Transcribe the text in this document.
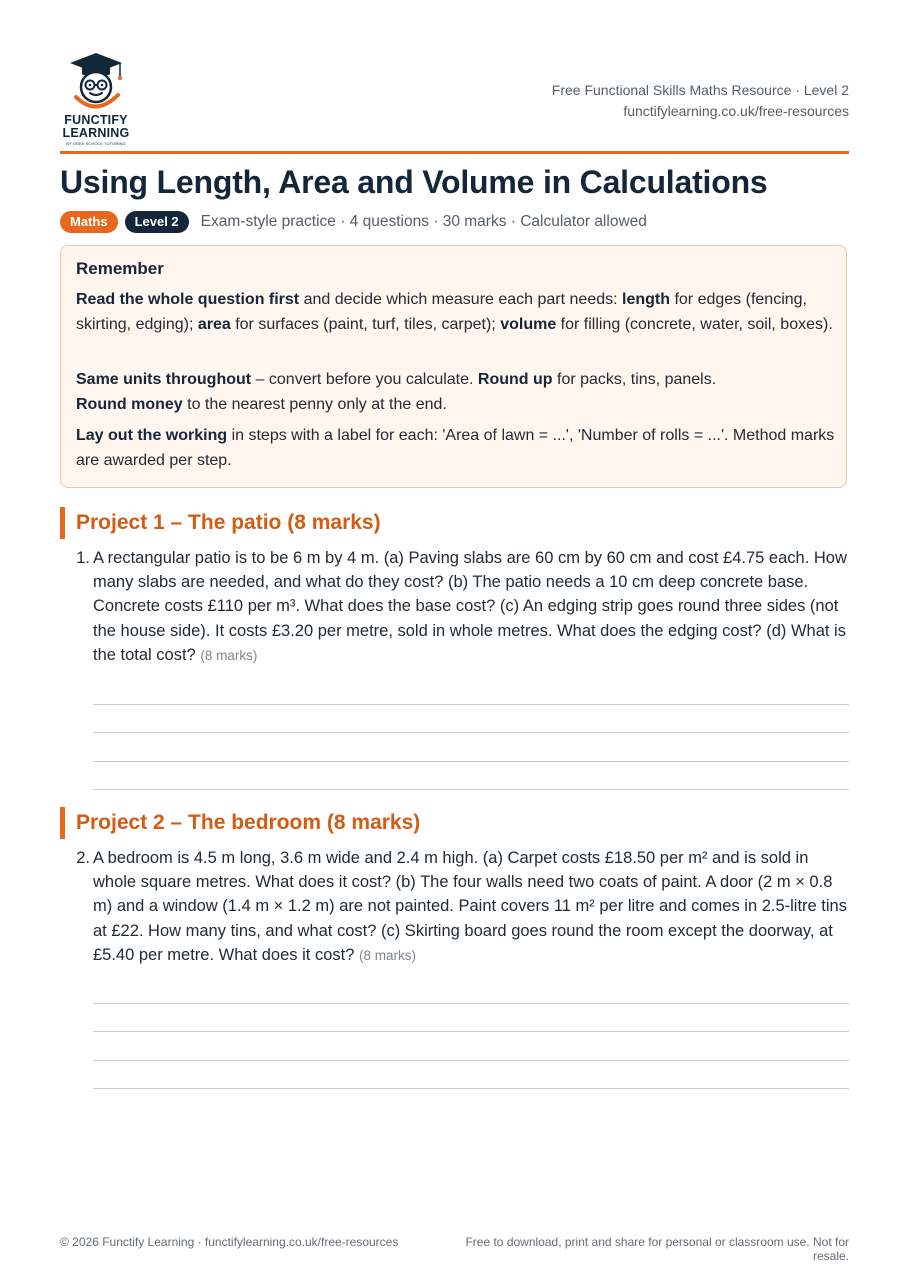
FUNCTIFY
LEARNING
BY GEEK SCHOOL TUTORING
Free Functional Skills Maths Resource · Level 2
functifylearning.co.uk/free-resources
Using Length, Area and Volume in Calculations
Maths	Level 2	Exam-style practice · 4 questions · 30 marks · Calculator allowed
Remember

Read the whole question first and decide which measure each part needs: length for edges (fencing, skirting, edging); area for surfaces (paint, turf, tiles, carpet); volume for filling (concrete, water, soil, boxes).

Same units throughout – convert before you calculate. Round up for packs, tins, panels.
Round money to the nearest penny only at the end.

Lay out the working in steps with a label for each: 'Area of lawn = ...', 'Number of rolls = ...'. Method marks are awarded per step.

Project 1 – The patio (8 marks)
1. A rectangular patio is to be 6 m by 4 m. (a) Paving slabs are 60 cm by 60 cm and cost £4.75 each. How many slabs are needed, and what do they cost? (b) The patio needs a 10 cm deep concrete base. Concrete costs £110 per m³. What does the base cost? (c) An edging strip goes round three sides (not the house side). It costs £3.20 per metre, sold in whole metres. What does the edging cost? (d) What is the total cost? (8 marks)
Project 2 – The bedroom (8 marks)
2. A bedroom is 4.5 m long, 3.6 m wide and 2.4 m high. (a) Carpet costs £18.50 per m² and is sold in whole square metres. What does it cost? (b) The four walls need two coats of paint. A door (2 m × 0.8 m) and a window (1.4 m × 1.2 m) are not painted. Paint covers 11 m² per litre and comes in 2.5-litre tins at £22. How many tins, and what cost? (c) Skirting board goes round the room except the doorway, at £5.40 per metre. What does it cost? (8 marks)
© 2026 Functify Learning · functifylearning.co.uk/free-resources	Free to download, print and share for personal or classroom use. Not for resale.
